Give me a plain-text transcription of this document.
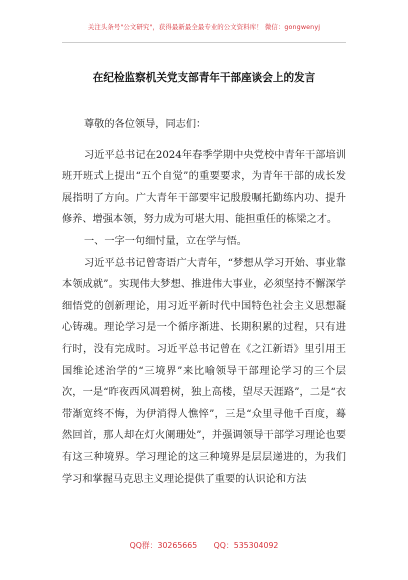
关注头条号"公文研究"，获得最新最全最专业的公文资料库！ 微信：gongwenyj
在纪检监察机关党支部青年干部座谈会上的发言

尊敬的各位领导，同志们：

习近平总书记在2024年春季学期中央党校中青年干部培训班开班式上提出“五个自觉”的重要要求，为青年干部的成长发展指明了方向。广大青年干部要牢记殷殷嘱托勤练内功、提升修养、增强本领，努力成为可堪大用、能担重任的栋梁之才。

一、一字一句细忖量，立在学与悟。

习近平总书记曾寄语广大青年，“梦想从学习开始、事业靠本领成就”。实现伟大梦想、推进伟大事业，必须坚持不懈深学细悟党的创新理论，用习近平新时代中国特色社会主义思想凝心铸魂。理论学习是一个循序渐进、长期积累的过程，只有进行时，没有完成时。习近平总书记曾在《之江新语》里引用王国维论述治学的“三境界”来比喻领导干部理论学习的三个层次，一是“昨夜西风凋碧树，独上高楼，望尽天涯路”，二是“衣带渐宽终不悔，为伊消得人憔悴”，三是“众里寻他千百度，蓦然回首，那人却在灯火阑珊处”，并强调领导干部学习理论也要有这三种境界。学习理论的这三种境界是层层递进的，为我们学习和掌握马克思主义理论提供了重要的认识论和方法

QQ群：30265665 QQ：535304092
